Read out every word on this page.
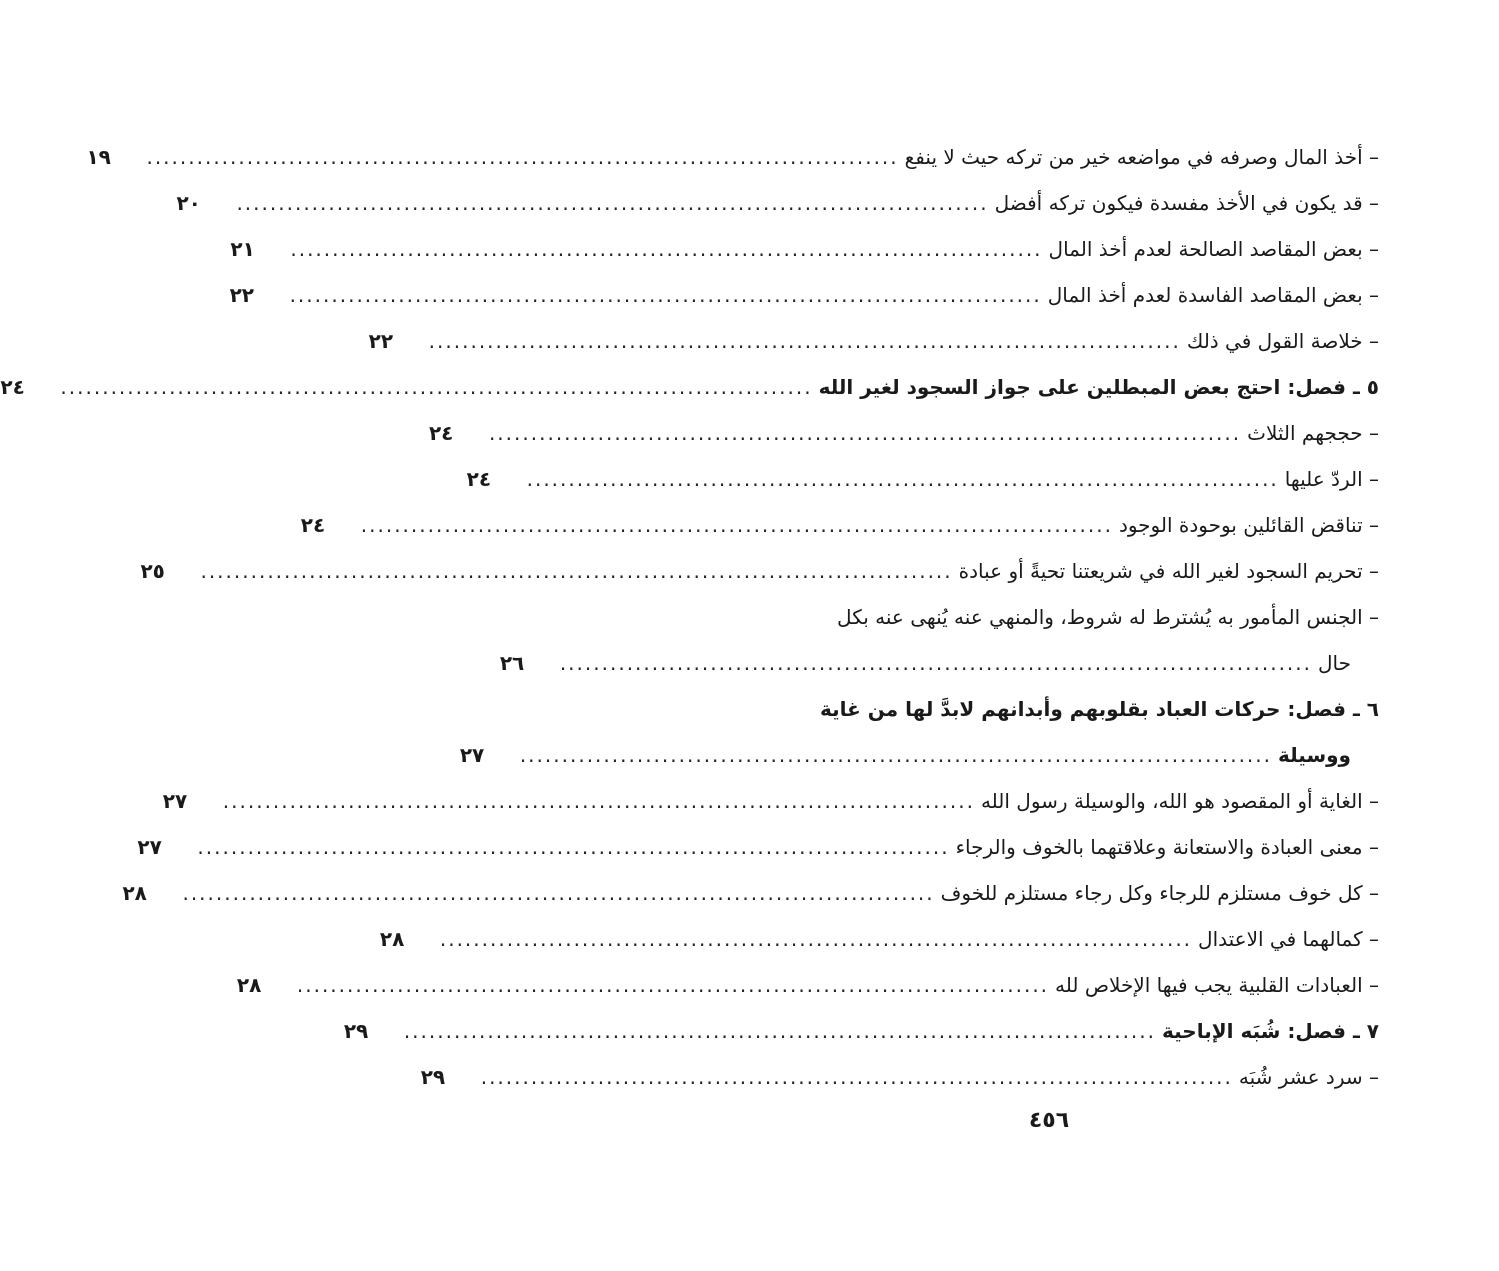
– أخذ المال وصرفه في مواضعه خير من تركه حيث لا ينفع
..........................................................................................
١٩
– قد يكون في الأخذ مفسدة فيكون تركه أفضل
..........................................................................................
٢٠
– بعض المقاصد الصالحة لعدم أخذ المال
..........................................................................................
٢١
– بعض المقاصد الفاسدة لعدم أخذ المال
..........................................................................................
٢٢
– خلاصة القول في ذلك
..........................................................................................
٢٢
٥ ـ فصل: احتج بعض المبطلين على جواز السجود لغير الله
..........................................................................................
٢٤
– حججهم الثلاث
..........................................................................................
٢٤
– الردّ عليها
..........................................................................................
٢٤
– تناقض القائلين بوحودة الوجود
..........................................................................................
٢٤
– تحريم السجود لغير الله في شريعتنا تحيةً أو عبادة
..........................................................................................
٢٥
– الجنس المأمور به يُشترط له شروط، والمنهي عنه يُنهى عنه بكل
حال
..........................................................................................
٢٦
٦ ـ فصل: حركات العباد بقلوبهم وأبدانهم لابدَّ لها من غاية
ووسيلة
..........................................................................................
٢٧
– الغاية أو المقصود هو الله، والوسيلة رسول الله
..........................................................................................
٢٧
– معنى العبادة والاستعانة وعلاقتهما بالخوف والرجاء
..........................................................................................
٢٧
– كل خوف مستلزم للرجاء وكل رجاء مستلزم للخوف
..........................................................................................
٢٨
– كمالهما في الاعتدال
..........................................................................................
٢٨
– العبادات القلبية يجب فيها الإخلاص لله
..........................................................................................
٢٨
٧ ـ فصل: شُبَه الإباحية
..........................................................................................
٢٩
– سرد عشر شُبَه
..........................................................................................
٢٩
٤٥٦
